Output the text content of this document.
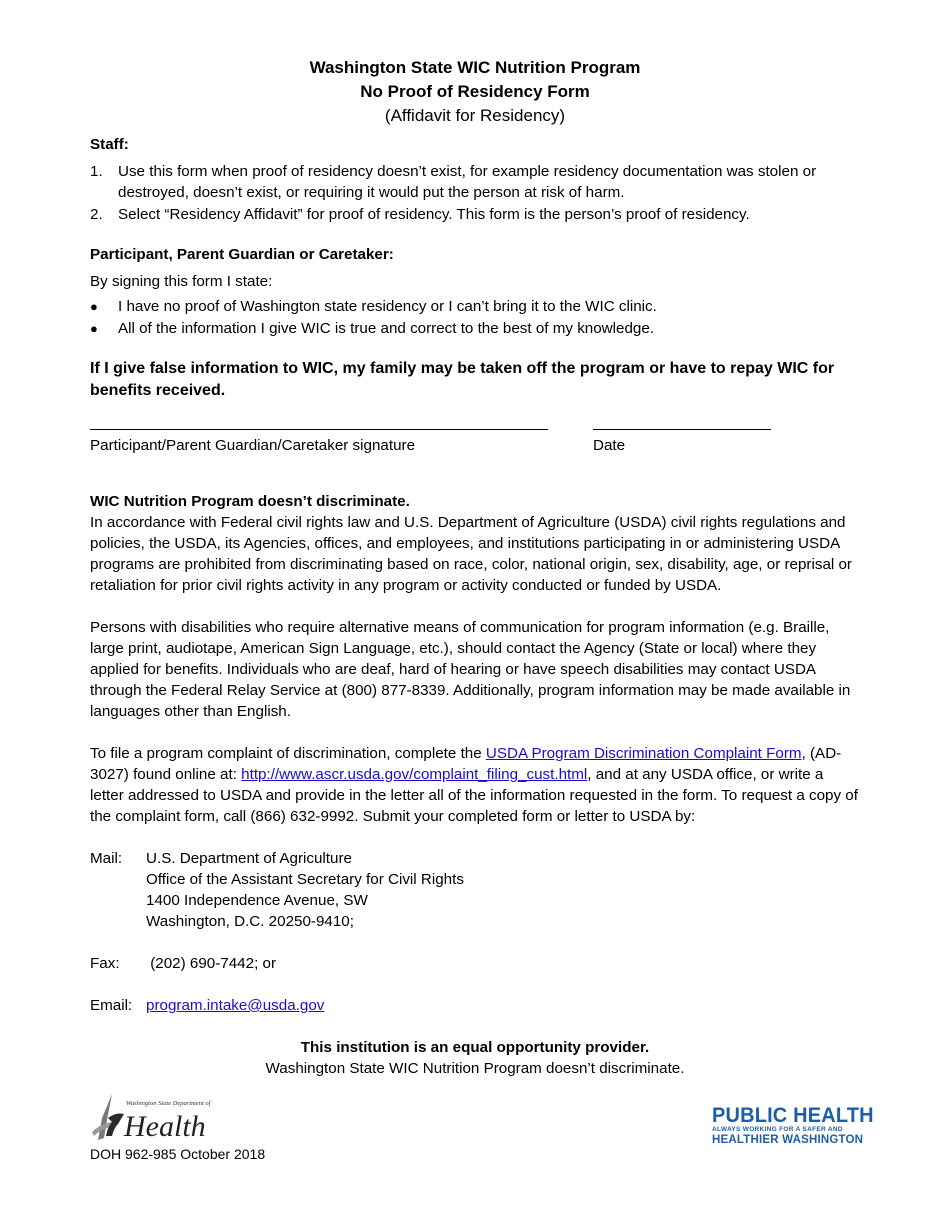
Washington State WIC Nutrition Program
No Proof of Residency Form
(Affidavit for Residency)
Staff:
1. Use this form when proof of residency doesn’t exist, for example residency documentation was stolen or destroyed, doesn’t exist, or requiring it would put the person at risk of harm.
2. Select “Residency Affidavit” for proof of residency. This form is the person’s proof of residency.
Participant, Parent Guardian or Caretaker:
By signing this form I state:
● I have no proof of Washington state residency or I can’t bring it to the WIC clinic.
● All of the information I give WIC is true and correct to the best of my knowledge.
If I give false information to WIC, my family may be taken off the program or have to repay WIC for benefits received.
Participant/Parent Guardian/Caretaker signature	Date
WIC Nutrition Program doesn’t discriminate.

In accordance with Federal civil rights law and U.S. Department of Agriculture (USDA) civil rights regulations and policies, the USDA, its Agencies, offices, and employees, and institutions participating in or administering USDA programs are prohibited from discriminating based on race, color, national origin, sex, disability, age, or reprisal or retaliation for prior civil rights activity in any program or activity conducted or funded by USDA.

Persons with disabilities who require alternative means of communication for program information (e.g. Braille, large print, audiotape, American Sign Language, etc.), should contact the Agency (State or local) where they applied for benefits. Individuals who are deaf, hard of hearing or have speech disabilities may contact USDA through the Federal Relay Service at (800) 877-8339. Additionally, program information may be made available in languages other than English.

To file a program complaint of discrimination, complete the USDA Program Discrimination Complaint Form, (AD-3027) found online at: http://www.ascr.usda.gov/complaint_filing_cust.html, and at any USDA office, or write a letter addressed to USDA and provide in the letter all of the information requested in the form. To request a copy of the complaint form, call (866) 632-9992. Submit your completed form or letter to USDA by:

Mail:	U.S. Department of Agriculture
Office of the Assistant Secretary for Civil Rights
1400 Independence Avenue, SW
Washington, D.C. 20250-9410;
Fax:	(202) 690-7442; or
Email: program.intake@usda.gov
This institution is an equal opportunity provider.
Washington State WIC Nutrition Program doesn’t discriminate.
Washington State Department of
Health
DOH 962-985 October 2018
PUBLIC HEALTH
ALWAYS WORKING FOR A SAFER AND
HEALTHIER WASHINGTON
